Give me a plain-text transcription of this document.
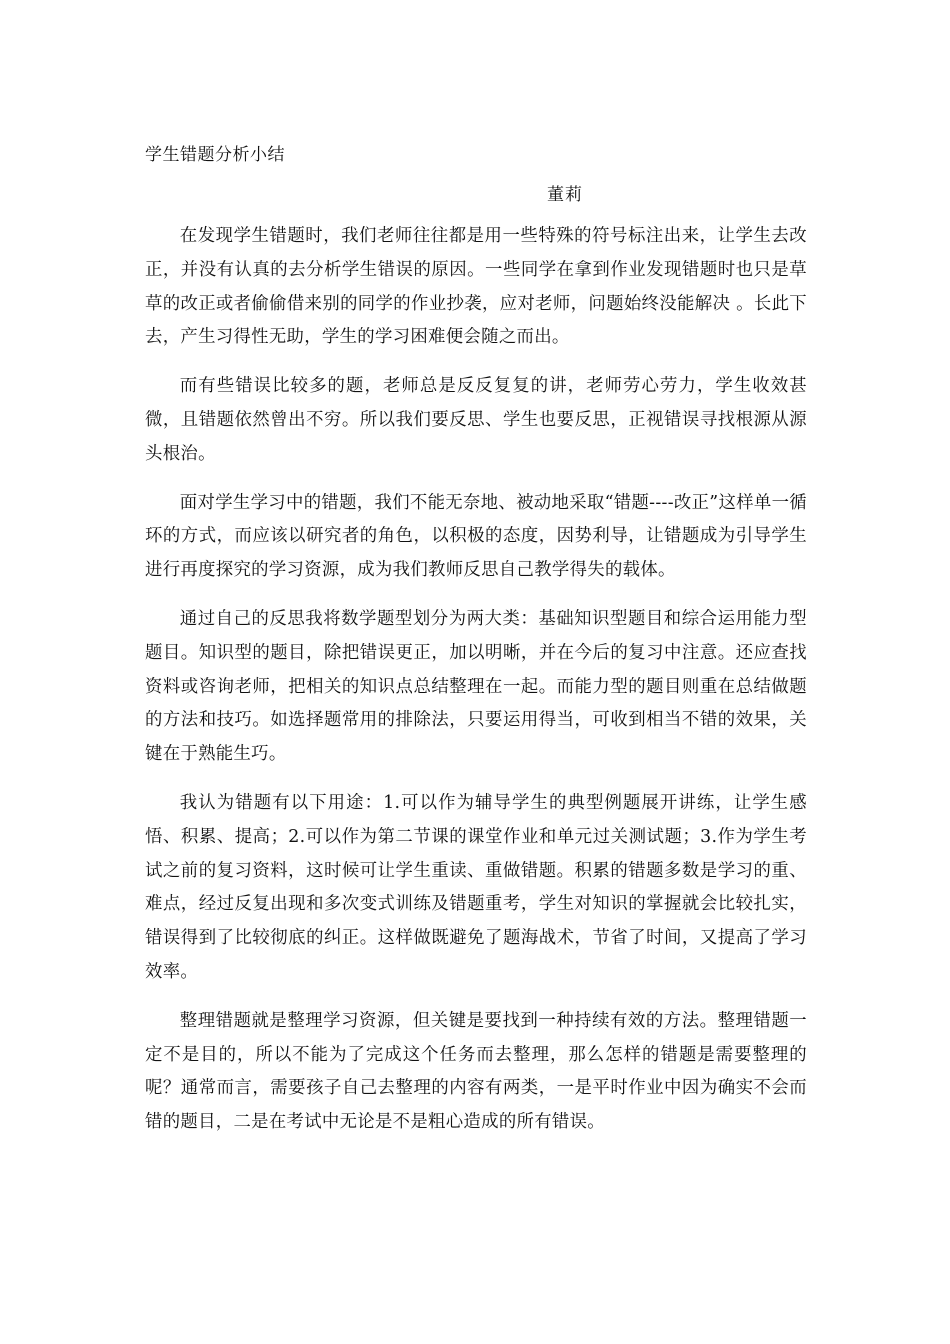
学生错题分析小结
董莉

在发现学生错题时，我们老师往往都是用一些特殊的符号标注出来，让学生去改正，并没有认真的去分析学生错误的原因。一些同学在拿到作业发现错题时也只是草草的改正或者偷偷借来别的同学的作业抄袭，应对老师，问题始终没能解决 。长此下去，产生习得性无助，学生的学习困难便会随之而出。

而有些错误比较多的题，老师总是反反复复的讲，老师劳心劳力，学生收效甚微，且错题依然曾出不穷。所以我们要反思、学生也要反思，正视错误寻找根源从源头根治。

面对学生学习中的错题，我们不能无奈地、被动地采取“错题----改正”这样单一循环的方式，而应该以研究者的角色，以积极的态度，因势利导，让错题成为引导学生进行再度探究的学习资源，成为我们教师反思自己教学得失的载体。

通过自己的反思我将数学题型划分为两大类：基础知识型题目和综合运用能力型题目。知识型的题目，除把错误更正，加以明晰，并在今后的复习中注意。还应查找资料或咨询老师，把相关的知识点总结整理在一起。而能力型的题目则重在总结做题的方法和技巧。如选择题常用的排除法，只要运用得当，可收到相当不错的效果，关键在于熟能生巧。

我认为错题有以下用途：1.可以作为辅导学生的典型例题展开讲练，让学生感悟、积累、提高；2.可以作为第二节课的课堂作业和单元过关测试题；3.作为学生考试之前的复习资料，这时候可让学生重读、重做错题。积累的错题多数是学习的重、难点，经过反复出现和多次变式训练及错题重考，学生对知识的掌握就会比较扎实，错误得到了比较彻底的纠正。这样做既避免了题海战术，节省了时间，又提高了学习效率。

整理错题就是整理学习资源，但关键是要找到一种持续有效的方法。整理错题一定不是目的，所以不能为了完成这个任务而去整理，那么怎样的错题是需要整理的呢？通常而言，需要孩子自己去整理的内容有两类，一是平时作业中因为确实不会而错的题目，二是在考试中无论是不是粗心造成的所有错误。
